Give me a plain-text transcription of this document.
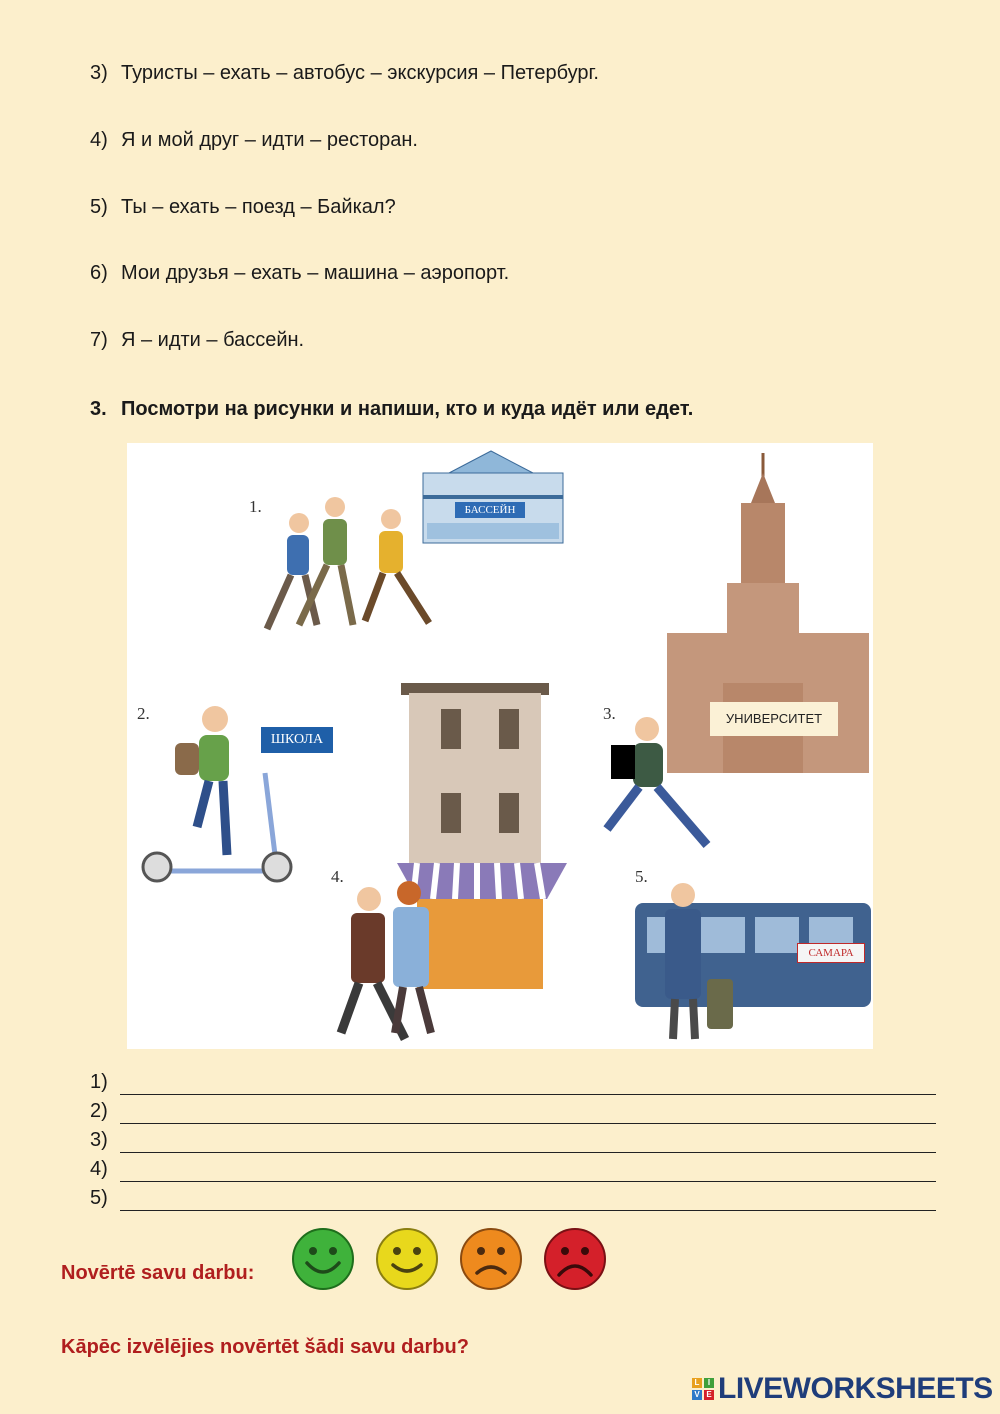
3) Туристы – ехать – автобус – экскурсия – Петербург.
4) Я и мой друг – идти – ресторан.
5) Ты – ехать – поезд – Байкал?
6) Мои друзья – ехать – машина – аэропорт.
7) Я – идти – бассейн.
3. Посмотри на рисунки и напиши, кто и куда идёт или едет.
1.
2.	3.
4.	5.
БАССЕЙН
ШКОЛА
УНИВЕРСИТЕТ
САМАРА
1)
2)
3)
4)
5)
Novērtē savu darbu:
Kāpēc izvēlējies novērtēt šādi savu darbu?
L	I
V E LIVEWORKSHEETS
